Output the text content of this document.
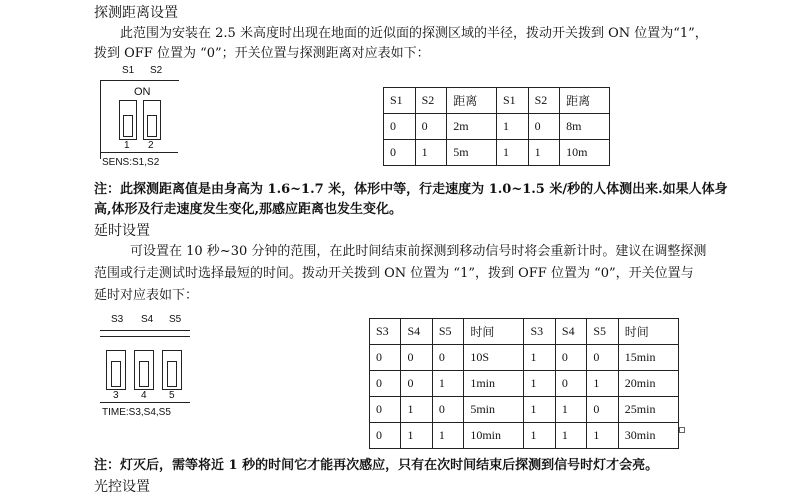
探测距离设置
此范围为安装在 2.5 米高度时出现在地面的近似面的探测区域的半径，拨动开关拨到 ON 位置为“1”，
拨到 OFF 位置为 “0”；开关位置与探测距离对应表如下：
S1 S2
ON
1 2
SENS:S1,S2
S1	S2	距离	S1	S2	距离
0	0	2m	1	0	8m
0	1	5m	1	1	10m
注：此探测距离值是由身高为 1.6~1.7 米，体形中等，行走速度为 1.0~1.5 米/秒的人体测出来.如果人体身
高,体形及行走速度发生变化,那感应距离也发生变化。
延时设置
可设置在 10 秒~30 分钟的范围，在此时间结束前探测到移动信号时将会重新计时。建议在调整探测
范围或行走测试时选择最短的时间。拨动开关拨到 ON 位置为 “1”，拨到 OFF 位置为 “0”，开关位置与
延时对应表如下：
S3 S4 S5
3 4 5
TIME:S3,S4,S5
S3	S4	S5	时间	S3	S4	S5	时间
0	0	0	10S	1	0	0	15min
0	0	1	1min	1	0	1	20min
0	1	0	5min	1	1	0	25min
0	1	1	10min	1	1	1	30min
注：灯灭后，需等将近 1 秒的时间它才能再次感应，只有在次时间结束后探测到信号时灯才会亮。
光控设置
